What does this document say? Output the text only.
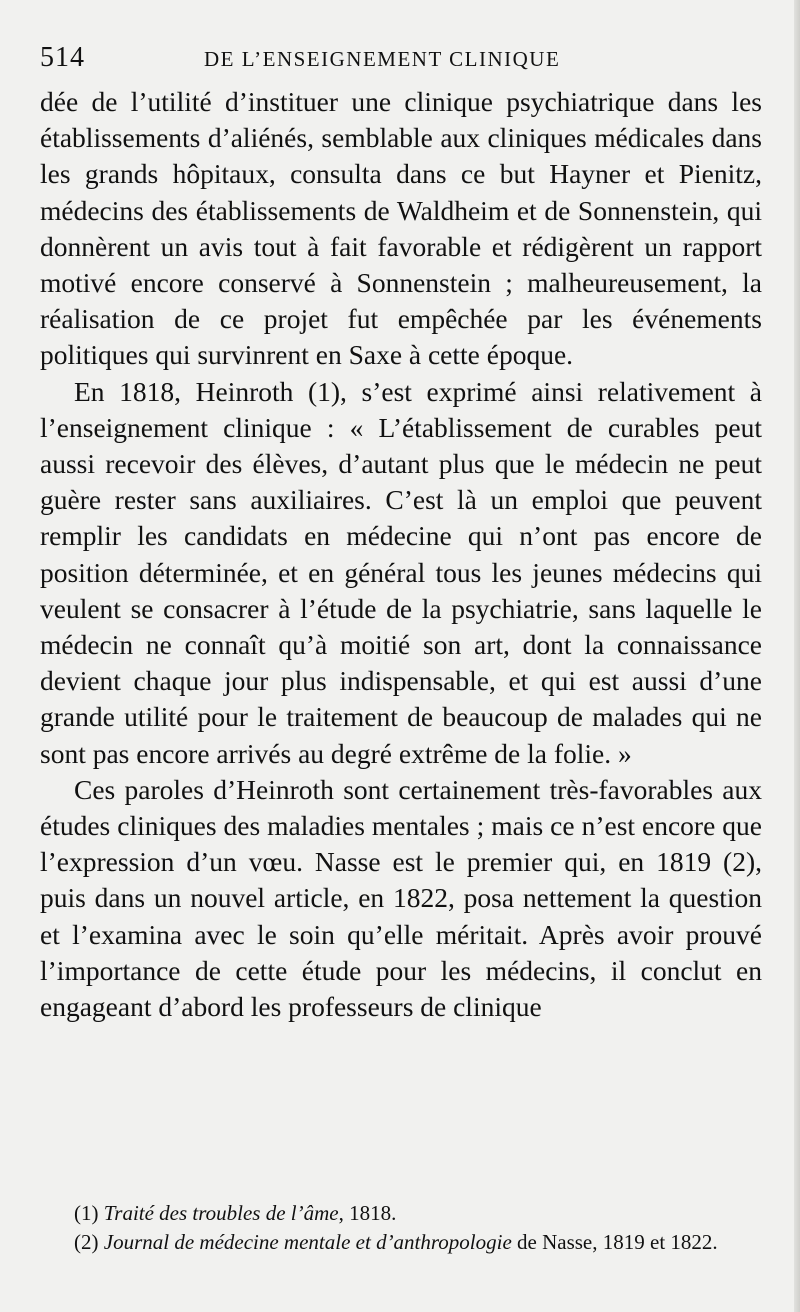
514	DE L’ENSEIGNEMENT CLINIQUE

dée de l’utilité d’instituer une clinique psychiatrique dans les établissements d’aliénés, semblable aux cliniques médicales dans les grands hôpitaux, consulta dans ce but Hayner et Pienitz, médecins des établissements de Waldheim et de Sonnenstein, qui donnèrent un avis tout à fait favorable et rédigèrent un rapport motivé encore conservé à Sonnenstein ; malheureusement, la réalisation de ce projet fut empêchée par les événements politiques qui survinrent en Saxe à cette époque.

En 1818, Heinroth (1), s’est exprimé ainsi relativement à l’enseignement clinique : « L’établissement de curables peut aussi recevoir des élèves, d’autant plus que le médecin ne peut guère rester sans auxiliaires. C’est là un emploi que peuvent remplir les candidats en médecine qui n’ont pas encore de position déterminée, et en général tous les jeunes médecins qui veulent se consacrer à l’étude de la psychiatrie, sans laquelle le médecin ne connaît qu’à moitié son art, dont la connaissance devient chaque jour plus indispensable, et qui est aussi d’une grande utilité pour le traitement de beaucoup de malades qui ne sont pas encore arrivés au degré extrême de la folie. »

Ces paroles d’Heinroth sont certainement très-favorables aux études cliniques des maladies mentales ; mais ce n’est encore que l’expression d’un vœu. Nasse est le premier qui, en 1819 (2), puis dans un nouvel article, en 1822, posa nettement la question et l’examina avec le soin qu’elle méritait. Après avoir prouvé l’importance de cette étude pour les médecins, il conclut en engageant d’abord les professeurs de clinique

(1) Traité des troubles de l’âme, 1818.

(2) Journal de médecine mentale et d’anthropologie de Nasse, 1819 et 1822.
